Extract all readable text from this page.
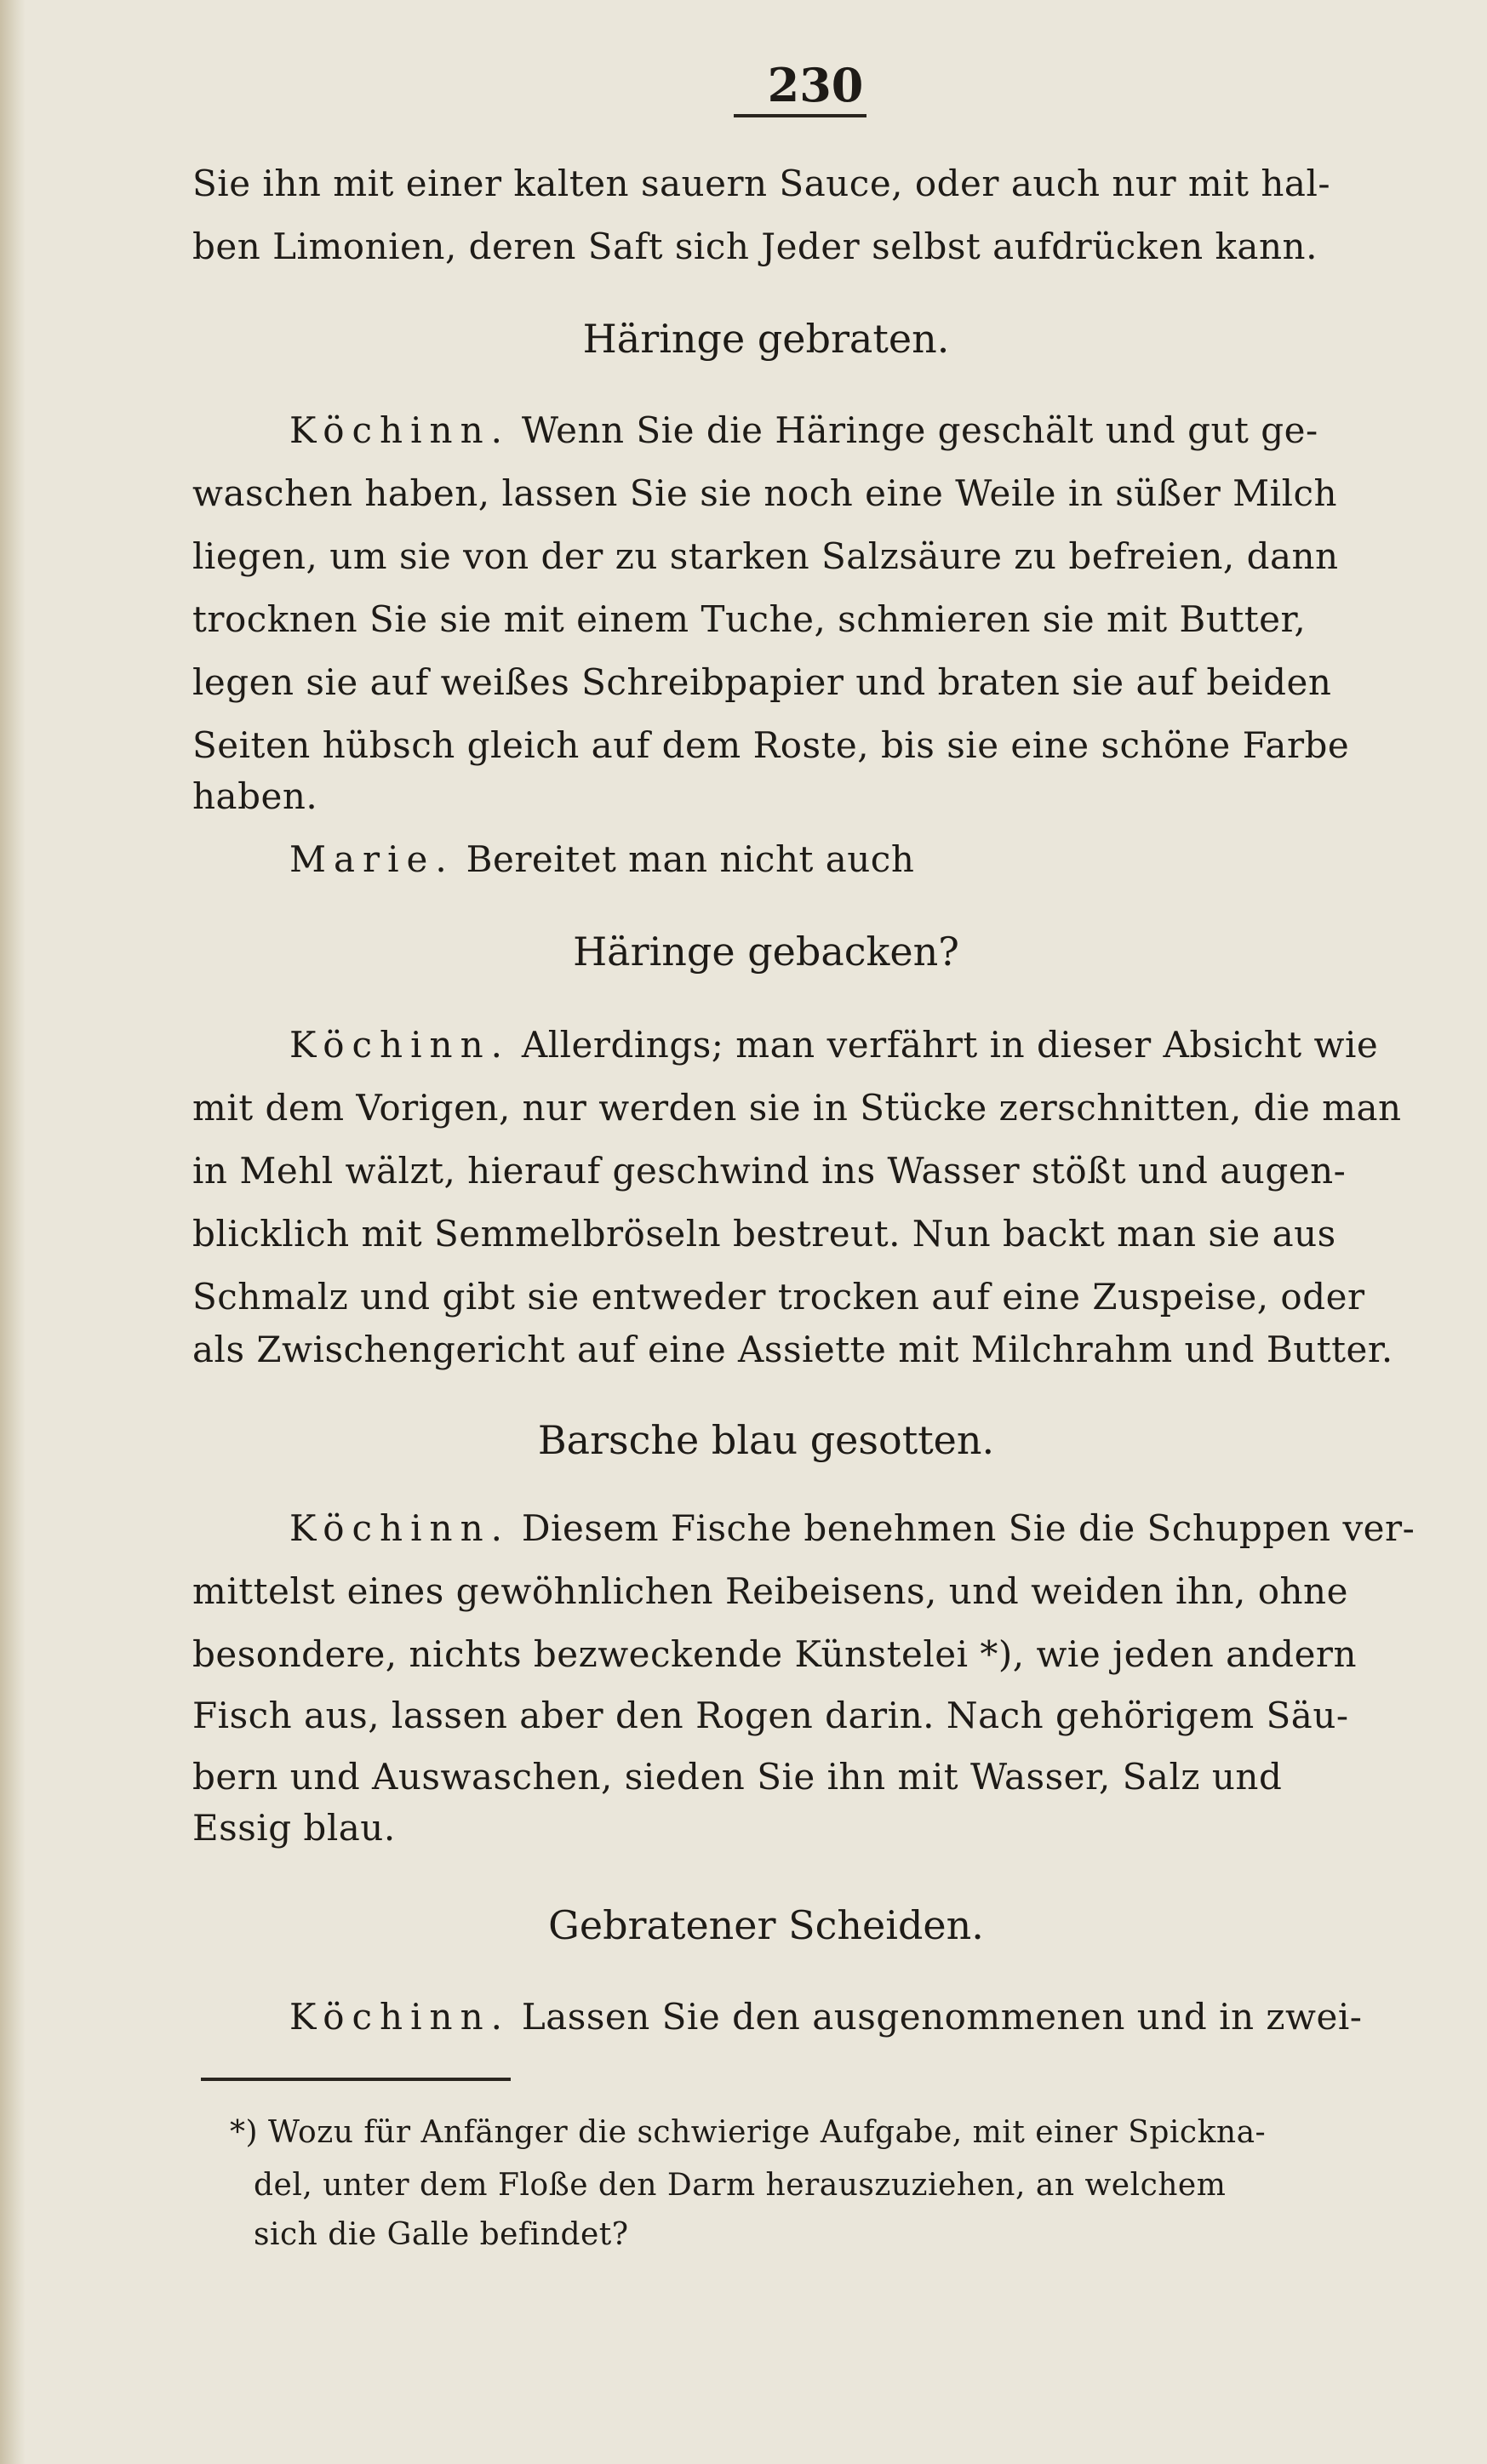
230
Sie ihn mit einer kalten sauern Sauce, oder auch nur mit hal-
ben Limonien, deren Saft sich Jeder selbst aufdrücken kann.
Häringe gebraten.
Köchinn. Wenn Sie die Häringe geschält und gut ge-
waschen haben, lassen Sie sie noch eine Weile in süßer Milch
liegen, um sie von der zu starken Salzsäure zu befreien, dann
trocknen Sie sie mit einem Tuche, schmieren sie mit Butter,
legen sie auf weißes Schreibpapier und braten sie auf beiden
Seiten hübsch gleich auf dem Roste, bis sie eine schöne Farbe
haben.
Marie. Bereitet man nicht auch
Häringe gebacken?
Köchinn. Allerdings; man verfährt in dieser Absicht wie
mit dem Vorigen, nur werden sie in Stücke zerschnitten, die man
in Mehl wälzt, hierauf geschwind ins Wasser stößt und augen-
blicklich mit Semmelbröseln bestreut. Nun backt man sie aus
Schmalz und gibt sie entweder trocken auf eine Zuspeise, oder
als Zwischengericht auf eine Assiette mit Milchrahm und Butter.
Barsche blau gesotten.
Köchinn. Diesem Fische benehmen Sie die Schuppen ver-
mittelst eines gewöhnlichen Reibeisens, und weiden ihn, ohne
besondere, nichts bezweckende Künstelei *), wie jeden andern
Fisch aus, lassen aber den Rogen darin. Nach gehörigem Säu-
bern und Auswaschen, sieden Sie ihn mit Wasser, Salz und
Essig blau.
Gebratener Scheiden.
Köchinn. Lassen Sie den ausgenommenen und in zwei-
*) Wozu für Anfänger die schwierige Aufgabe, mit einer Spickna-
del, unter dem Floße den Darm herauszuziehen, an welchem
sich die Galle befindet?
